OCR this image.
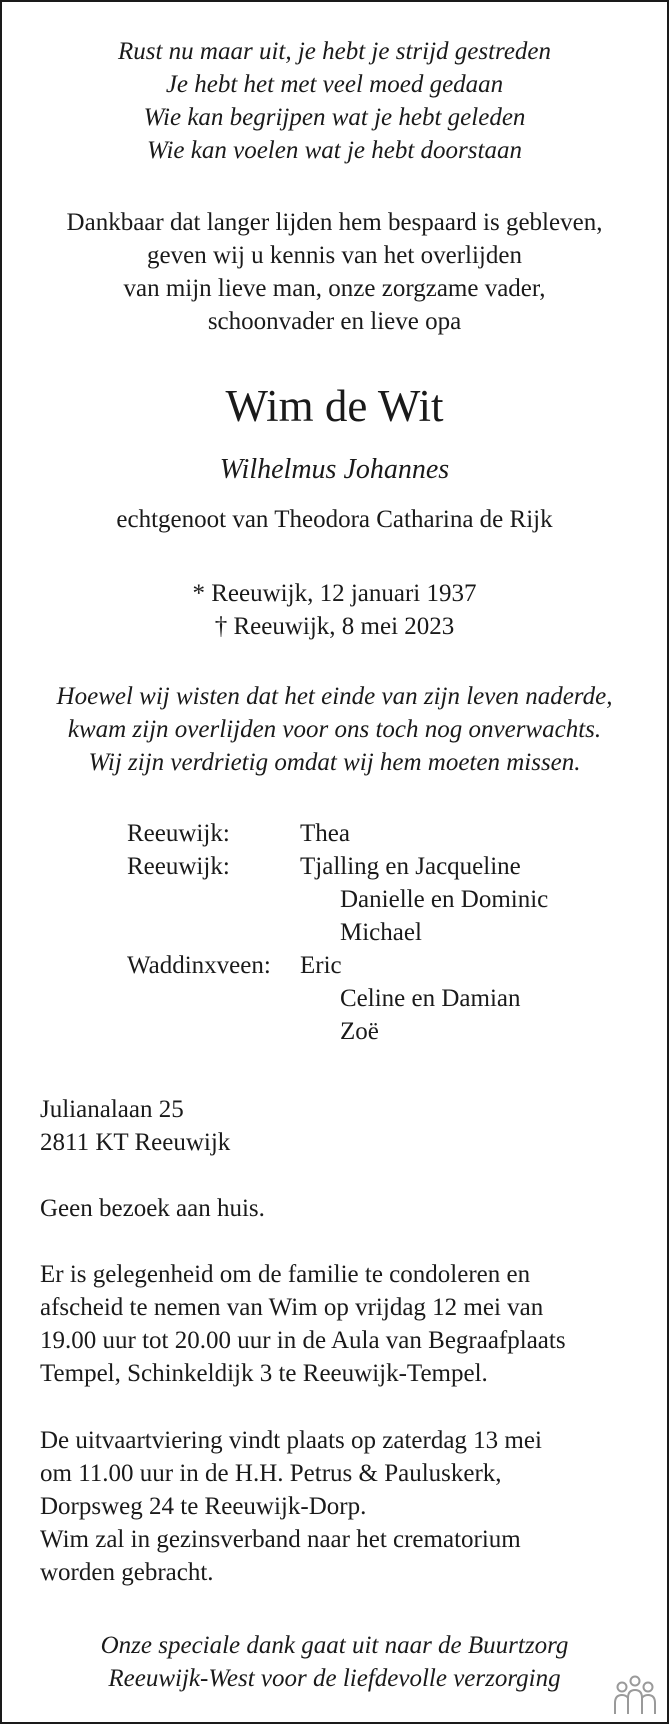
Rust nu maar uit, je hebt je strijd gestreden
Je hebt het met veel moed gedaan
Wie kan begrijpen wat je hebt geleden
Wie kan voelen wat je hebt doorstaan
Dankbaar dat langer lijden hem bespaard is gebleven,
geven wij u kennis van het overlijden
van mijn lieve man, onze zorgzame vader,
schoonvader en lieve opa
Wim de Wit
Wilhelmus Johannes
echtgenoot van Theodora Catharina de Rijk
* Reeuwijk, 12 januari 1937
† Reeuwijk, 8 mei 2023
Hoewel wij wisten dat het einde van zijn leven naderde,
kwam zijn overlijden voor ons toch nog onverwachts.
Wij zijn verdrietig omdat wij hem moeten missen.
Reeuwijk:	Thea
Reeuwijk:	Tjalling en Jacqueline
Danielle en Dominic
Michael
Waddinxveen:	Eric
Celine en Damian
Zoë
Julianalaan 25
2811 KT Reeuwijk
Geen bezoek aan huis.
Er is gelegenheid om de familie te condoleren en
afscheid te nemen van Wim op vrijdag 12 mei van
19.00 uur tot 20.00 uur in de Aula van Begraafplaats
Tempel, Schinkeldijk 3 te Reeuwijk-Tempel.
De uitvaartviering vindt plaats op zaterdag 13 mei
om 11.00 uur in de H.H. Petrus & Pauluskerk,
Dorpsweg 24 te Reeuwijk-Dorp.
Wim zal in gezinsverband naar het crematorium
worden gebracht.
Onze speciale dank gaat uit naar de Buurtzorg
Reeuwijk-West voor de liefdevolle verzorging
